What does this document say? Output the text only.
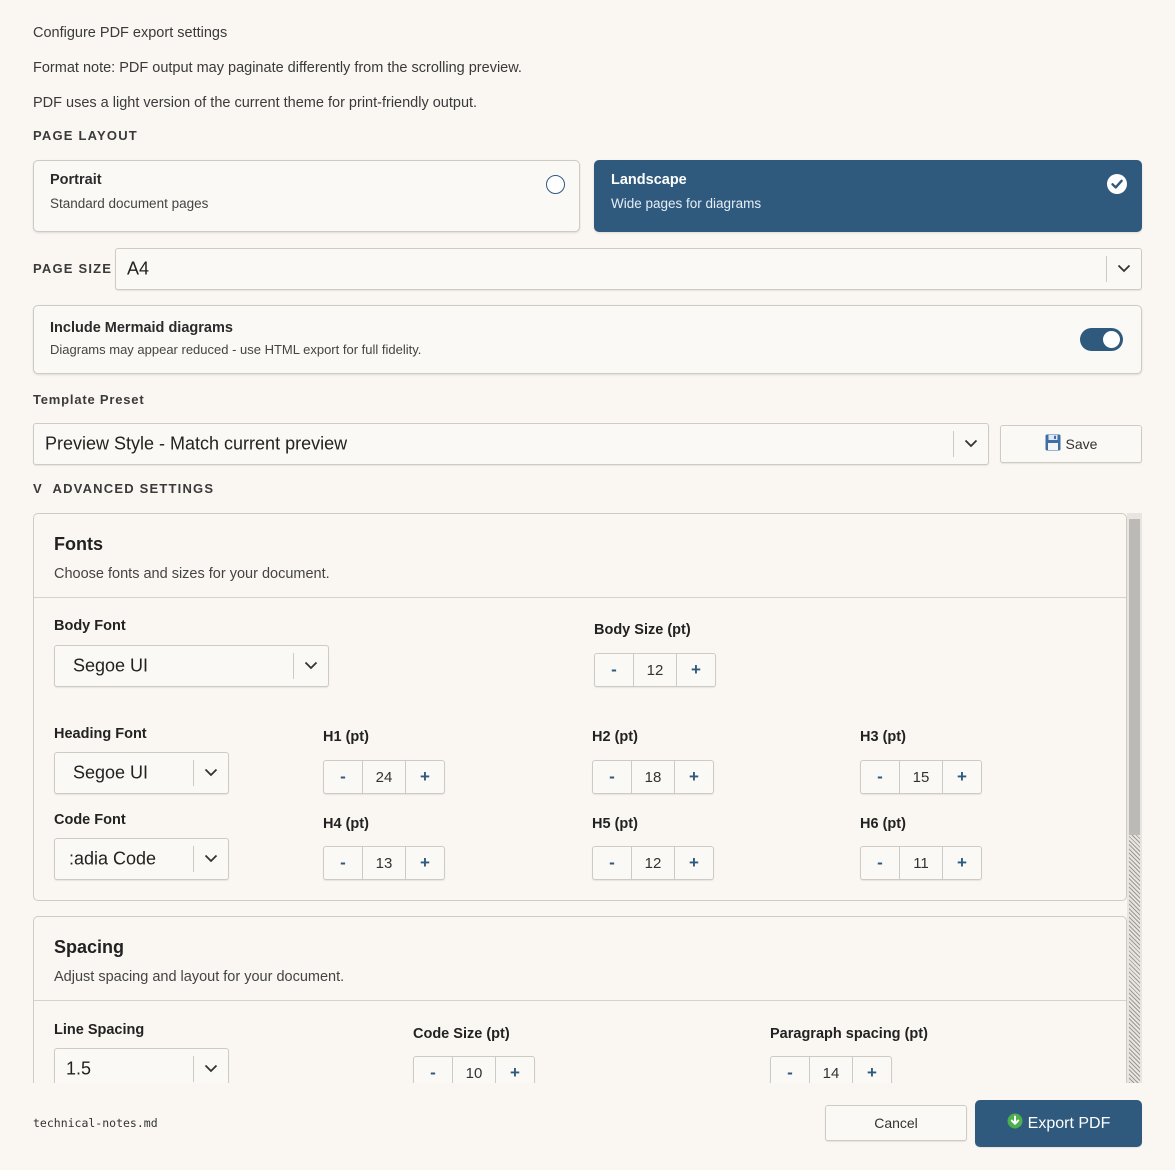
Configure PDF export settings
Format note: PDF output may paginate differently from the scrolling preview.
PDF uses a light version of the current theme for print-friendly output.
PAGE LAYOUT
Portrait
Standard document pages
Landscape
Wide pages for diagrams
PAGE SIZE A4
Include Mermaid diagrams
Diagrams may appear reduced - use HTML export for full fidelity.
Template Preset
Preview Style - Match current preview	Save
V ADVANCED SETTINGS
Fonts
Choose fonts and sizes for your document.
Body Font
Segoe UI
Body Size (pt)
-	12	+
Heading Font
Segoe UI
Code Font
:adia Code
H1 (pt)
-	24	+
H2 (pt)
-	18	+
H3 (pt)
-	15	+
H4 (pt)
-	13	+
H5 (pt)
-	12	+
H6 (pt)
-	11	+
Spacing
Adjust spacing and layout for your document.
Line Spacing
1.5
Code Size (pt)
-	10	+
Paragraph spacing (pt)
-	14	+
technical-notes.md	Cancel	Export PDF
